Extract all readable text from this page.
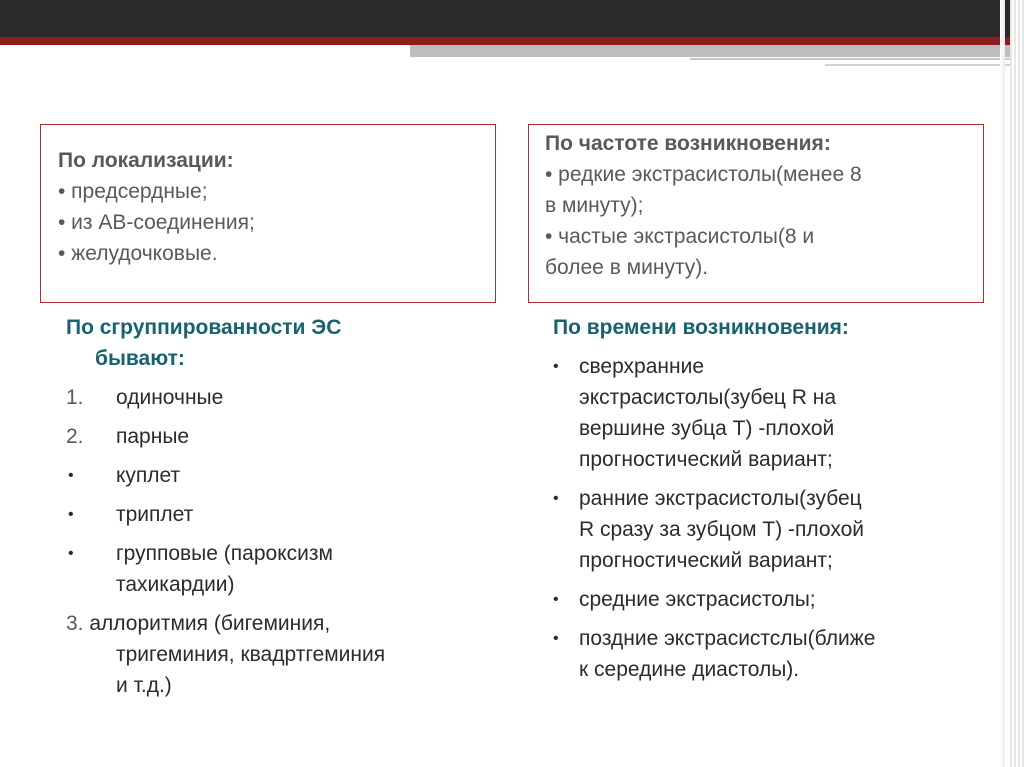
По локализации:
• предсердные;
• из АВ-соединения;
• желудочковые.
По частоте возникновения:
• редкие экстрасистолы(менее 8
в минуту);
• частые экстрасистолы(8 и
более в минуту).
По сгруппированности ЭС
бывают:
1. одиночные
2. парные
• куплет
• триплет
• групповые (пароксизм
тахикардии)
3. аллоритмия (бигеминия,
тригеминия, квадртгеминия
и т.д.)
По времени возникновения:
• сверхранние
экстрасистолы(зубец R на
вершине зубца Т) -плохой
прогностический вариант;
• ранние экстрасистолы(зубец
R сразу за зубцом Т) -плохой
прогностический вариант;
• средние экстрасистолы;
• поздние экстрасистслы(ближе
к середине диастолы).
